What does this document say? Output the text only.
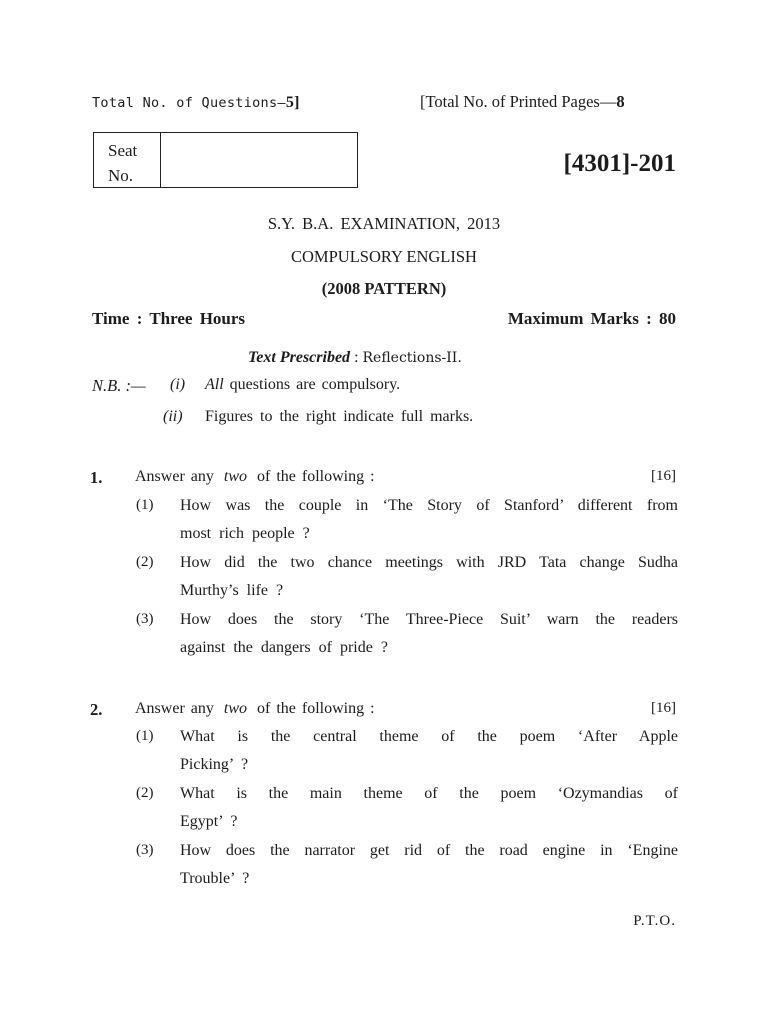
Total No. of Questions—5]	[Total No. of Printed Pages—8
Seat
No.	[4301]-201
S.Y. B.A. EXAMINATION, 2013
COMPULSORY ENGLISH
(2008 PATTERN)
Time : Three Hours	Maximum Marks : 80
Text Prescribed : Reflections-II.
N.B. :— (i) All questions are compulsory.
(ii) Figures to the right indicate full marks.
1. Answer any two of the following :	[16]
(1) How was the couple in ‘The Story of Stanford’ different from
most rich people ?
(2) How did the two chance meetings with JRD Tata change Sudha
Murthy’s life ?
(3) How does the story ‘The Three-Piece Suit’ warn the readers
against the dangers of pride ?
2. Answer any two of the following :	[16]
(1) What is the central theme of the poem ‘After Apple
Picking’ ?
(2) What is the main theme of the poem ‘Ozymandias of
Egypt’ ?
(3) How does the narrator get rid of the road engine in ‘Engine
Trouble’ ?
P.T.O.
